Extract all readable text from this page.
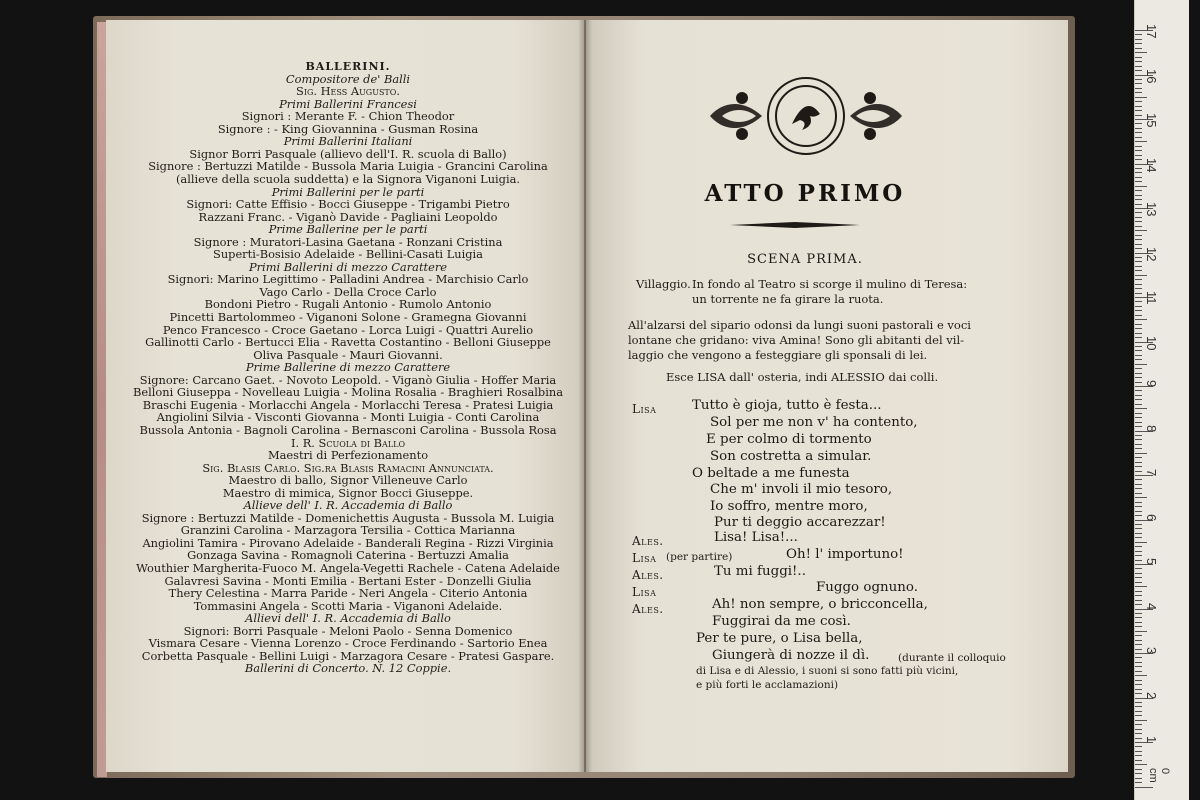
BALLERINI.
Compositore de' Balli
Sig. Hess Augusto.
Primi Ballerini Francesi
Signori : Merante F. - Chion Theodor
Signore : - King Giovannina - Gusman Rosina
Primi Ballerini Italiani
Signor Borri Pasquale (allievo dell'I. R. scuola di Ballo)
Signore : Bertuzzi Matilde - Bussola Maria Luigia - Grancini Carolina
(allieve della scuola suddetta) e la Signora Viganoni Luigia.
Primi Ballerini per le parti
Signori: Catte Effisio - Bocci Giuseppe - Trigambi Pietro
Razzani Franc. - Viganò Davide - Pagliaini Leopoldo
Prime Ballerine per le parti
Signore : Muratori-Lasina Gaetana - Ronzani Cristina
Superti-Bosisio Adelaide - Bellini-Casati Luigia
Primi Ballerini di mezzo Carattere
Signori: Marino Legittimo - Palladini Andrea - Marchisio Carlo
Vago Carlo - Della Croce Carlo
Bondoni Pietro - Rugali Antonio - Rumolo Antonio
Pincetti Bartolommeo - Viganoni Solone - Gramegna Giovanni
Penco Francesco - Croce Gaetano - Lorca Luigi - Quattri Aurelio
Gallinotti Carlo - Bertucci Elia - Ravetta Costantino - Belloni Giuseppe
Oliva Pasquale - Mauri Giovanni.
Prime Ballerine di mezzo Carattere
Signore: Carcano Gaet. - Novoto Leopold. - Viganò Giulia - Hoffer Maria
Belloni Giuseppa - Novelleau Luigia - Molina Rosalia - Braghieri Rosalbina
Braschi Eugenia - Morlacchi Angela - Morlacchi Teresa - Pratesi Luigia
Angiolini Silvia - Visconti Giovanna - Monti Luigia - Conti Carolina
Bussola Antonia - Bagnoli Carolina - Bernasconi Carolina - Bussola Rosa
I. R. Scuola di Ballo
Maestri di Perfezionamento
Sig. Blasis Carlo. Sig.ra Blasis Ramacini Annunciata.
Maestro di ballo, Signor Villeneuve Carlo
Maestro di mimica, Signor Bocci Giuseppe.
Allieve dell' I. R. Accademia di Ballo
Signore : Bertuzzi Matilde - Domenichettis Augusta - Bussola M. Luigia
Granzini Carolina - Marzagora Tersilia - Cottica Marianna
Angiolini Tamira - Pirovano Adelaide - Banderali Regina - Rizzi Virginia
Gonzaga Savina - Romagnoli Caterina - Bertuzzi Amalia
Wouthier Margherita-Fuoco M. Angela-Vegetti Rachele - Catena Adelaide
Galavresi Savina - Monti Emilia - Bertani Ester - Donzelli Giulia
Thery Celestina - Marra Paride - Neri Angela - Citerio Antonia
Tommasini Angela - Scotti Maria - Viganoni Adelaide.
Allievi dell' I. R. Accademia di Ballo
Signori: Borri Pasquale - Meloni Paolo - Senna Domenico
Vismara Cesare - Vienna Lorenzo - Croce Ferdinando - Sartorio Enea
Corbetta Pasquale - Bellini Luigi - Marzagora Cesare - Pratesi Gaspare.
Ballerini di Concerto. N. 12 Coppie.
ATTO PRIMO
SCENA PRIMA.
Villaggio. In fondo al Teatro si scorge il mulino di Teresa:
un torrente ne fa girare la ruota.
All'alzarsi del sipario odonsi da lungi suoni pastorali e voci
lontane che gridano: viva Amina! Sono gli abitanti del vil-
laggio che vengono a festeggiare gli sponsali di lei.
Esce LISA dall' osteria, indi ALESSIO dai colli.
Lisa	Tutto è gioja, tutto è festa...
Sol per me non v' ha contento,
E per colmo di tormento
Son costretta a simular.
O beltade a me funesta
Che m' involi il mio tesoro,
Io soffro, mentre moro,
Pur ti deggio accarezzar!
Ales.	Lisa! Lisa!...
Lisa (per partire)	Oh! l' importuno!
Ales.	Tu mi fuggi!..
Lisa	Fuggo ognuno.
Ales.	Ah! non sempre, o bricconcella,
Fuggirai da me così.
Per te pure, o Lisa bella,
Giungerà di nozze il dì.	(durante il colloquio
di Lisa e di Alessio, i suoni si sono fatti più vicini,
e più forti le acclamazioni)
0 cm
17
16
15
14
13
12
11
10
9
8
7
6
5
4
3
2
1
